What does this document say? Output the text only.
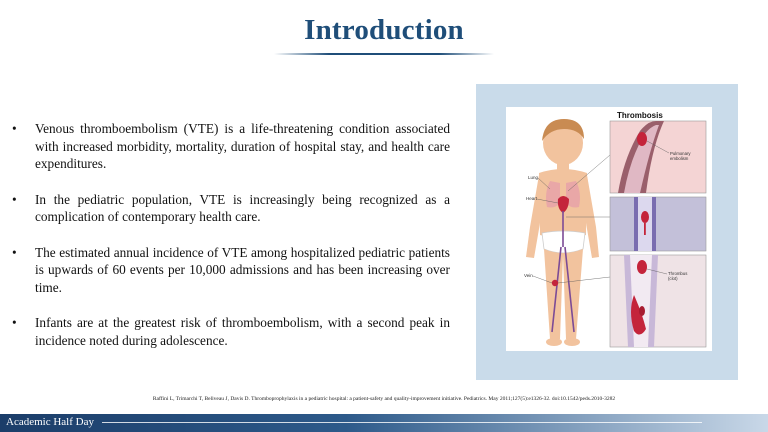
Introduction
• Venous thromboembolism (VTE) is a life-threatening condition associated with increased morbidity, mortality, duration of hospital stay, and health care expenditures.
• In the pediatric population, VTE is increasingly being recognized as a complication of contemporary health care.
• The estimated annual incidence of VTE among hospitalized pediatric patients is upwards of 60 events per 10,000 admissions and has been increasing over time.
• Infants are at the greatest risk of thromboembolism, with a second peak in incidence noted during adolescence.
Thrombosis
Lung
Heart
Vein
Pulmonary
embolism
Thrombus
(clot)
Raffini L, Trimarchi T, Beliveau J, Davis D. Thromboprophylaxis in a pediatric hospital: a patient-safety and quality-improvement initiative. Pediatrics. May 2011;127(5):e1326-32. doi:10.1542/peds.2010-3282
Academic Half Day
